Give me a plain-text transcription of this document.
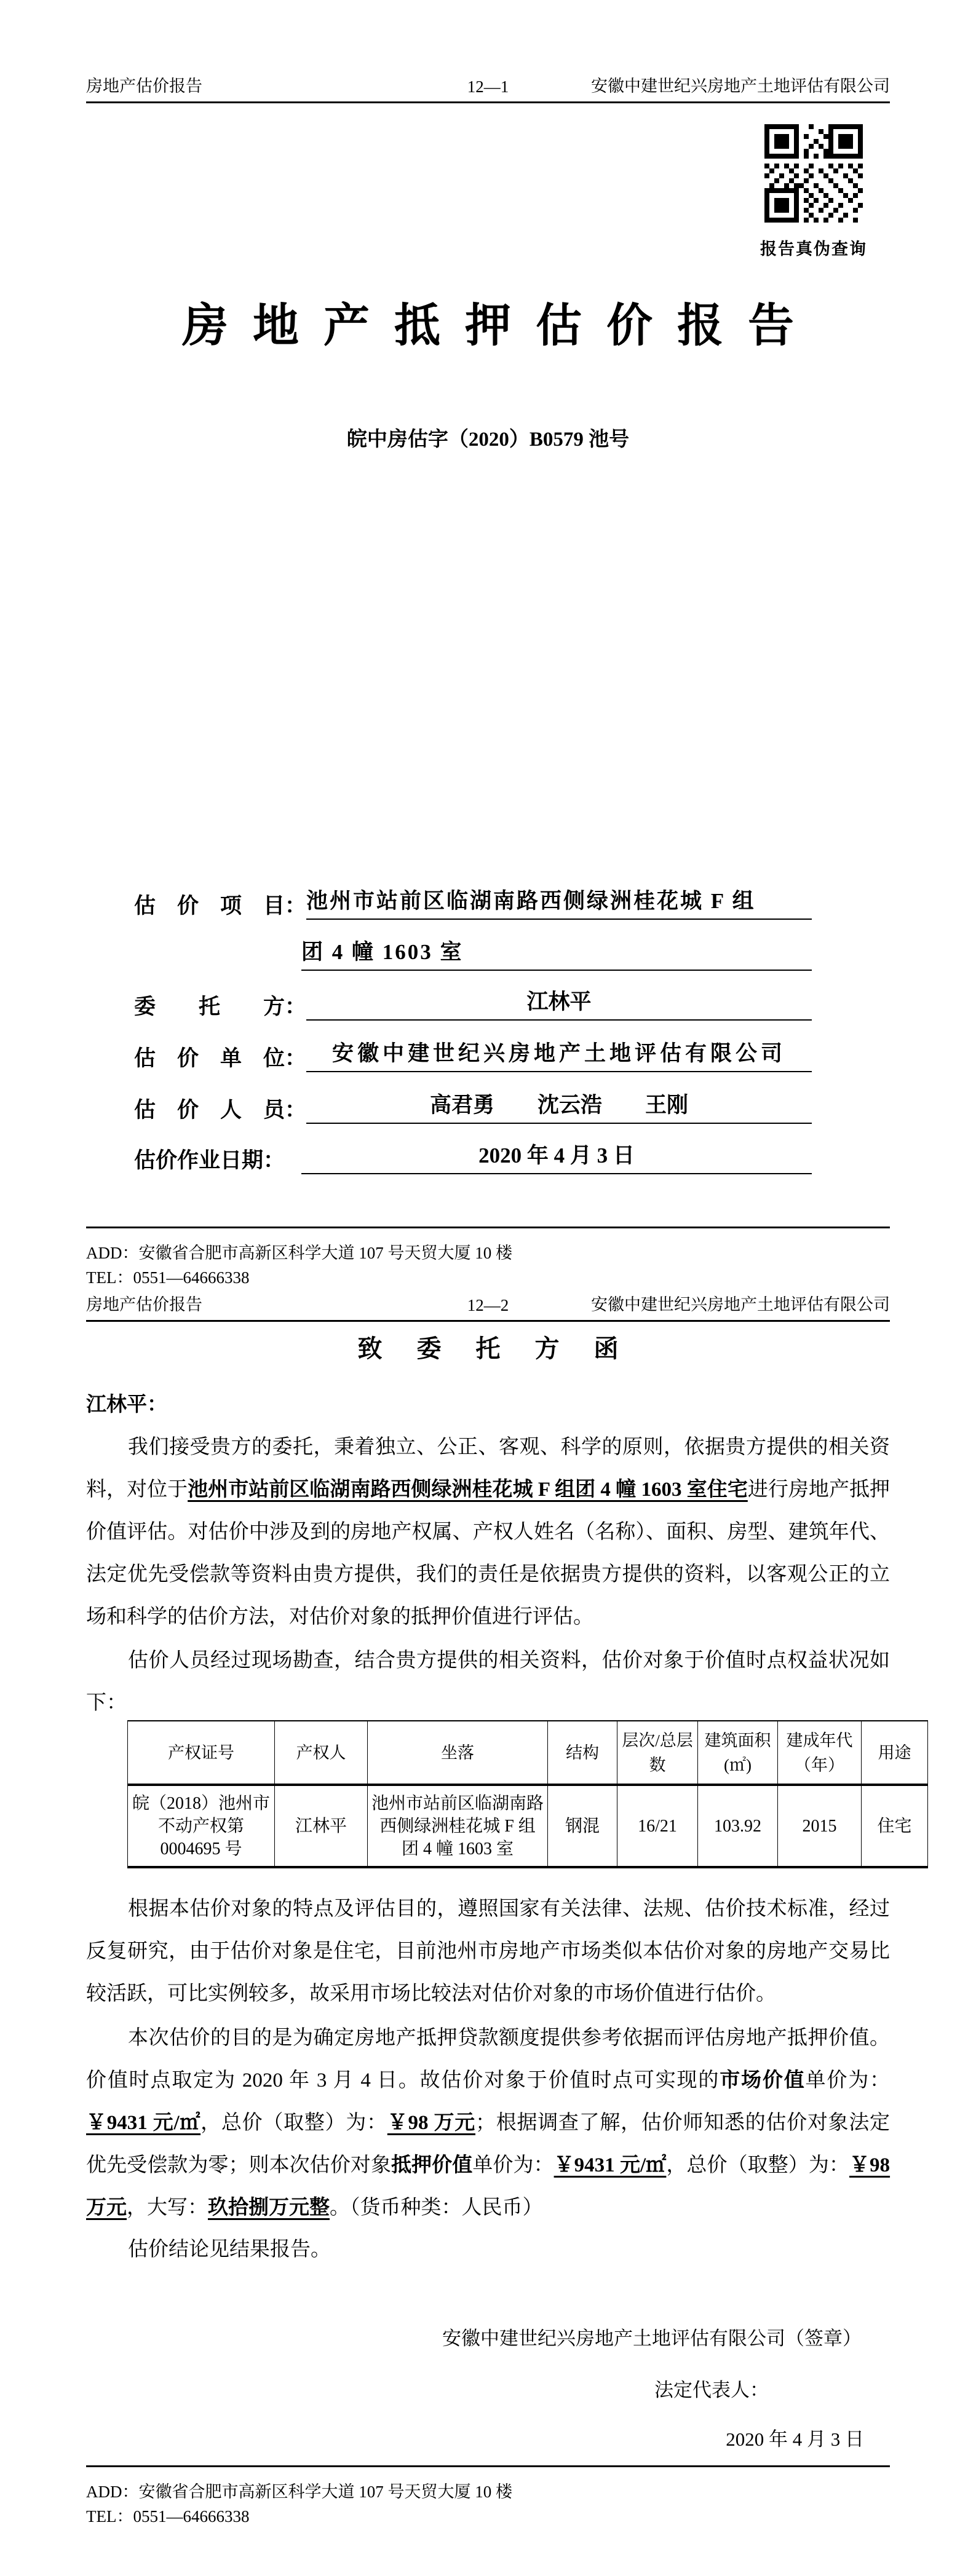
房地产估价报告	12—1	安徽中建世纪兴房地产土地评估有限公司
报告真伪查询
房地产抵押估价报告
皖中房估字（2020）B0579 池号
估　价　项　目： 池州市站前区临湖南路西侧绿洲桂花城 F 组
团 4 幢 1603 室
委　　托　　方：	江林平
估　价　单　位：	安徽中建世纪兴房地产土地评估有限公司
估　价　人　员：	高君勇　　沈云浩　　王刚
估价作业日期：	2020 年 4 月 3 日
ADD：安徽省合肥市高新区科学大道 107 号天贸大厦 10 楼
TEL：0551—64666338
房地产估价报告	12—2	安徽中建世纪兴房地产土地评估有限公司
致委托方函
江林平：

我们接受贵方的委托，秉着独立、公正、客观、科学的原则，依据贵方提供的相关资料，对位于池州市站前区临湖南路西侧绿洲桂花城 F 组团 4 幢 1603 室住宅进行房地产抵押价值评估。对估价中涉及到的房地产权属、产权人姓名（名称）、面积、房型、建筑年代、法定优先受偿款等资料由贵方提供，我们的责任是依据贵方提供的资料，以客观公正的立场和科学的估价方法，对估价对象的抵押价值进行评估。

估价人员经过现场勘查，结合贵方提供的相关资料，估价对象于价值时点权益状况如下：

产权证号	产权人	坐落	结构	层次/总层数	建筑面积(㎡)	建成年代（年）	用途
皖（2018）池州市不动产权第 0004695 号	江林平	池州市站前区临湖南路西侧绿洲桂花城 F 组团 4 幢 1603 室	钢混	16/21	103.92	2015	住宅

根据本估价对象的特点及评估目的，遵照国家有关法律、法规、估价技术标准，经过反复研究，由于估价对象是住宅，目前池州市房地产市场类似本估价对象的房地产交易比较活跃，可比实例较多，故采用市场比较法对估价对象的市场价值进行估价。

本次估价的目的是为确定房地产抵押贷款额度提供参考依据而评估房地产抵押价值。价值时点取定为 2020 年 3 月 4 日。故估价对象于价值时点可实现的市场价值单价为：￥9431 元/㎡，总价（取整）为：￥98 万元；根据调查了解，估价师知悉的估价对象法定优先受偿款为零；则本次估价对象抵押价值单价为：￥9431 元/㎡，总价（取整）为：￥98 万元，大写：玖拾捌万元整。（货币种类：人民币）

估价结论见结果报告。

安徽中建世纪兴房地产土地评估有限公司（签章）
法定代表人：
2020 年 4 月 3 日
ADD：安徽省合肥市高新区科学大道 107 号天贸大厦 10 楼
TEL：0551—64666338
